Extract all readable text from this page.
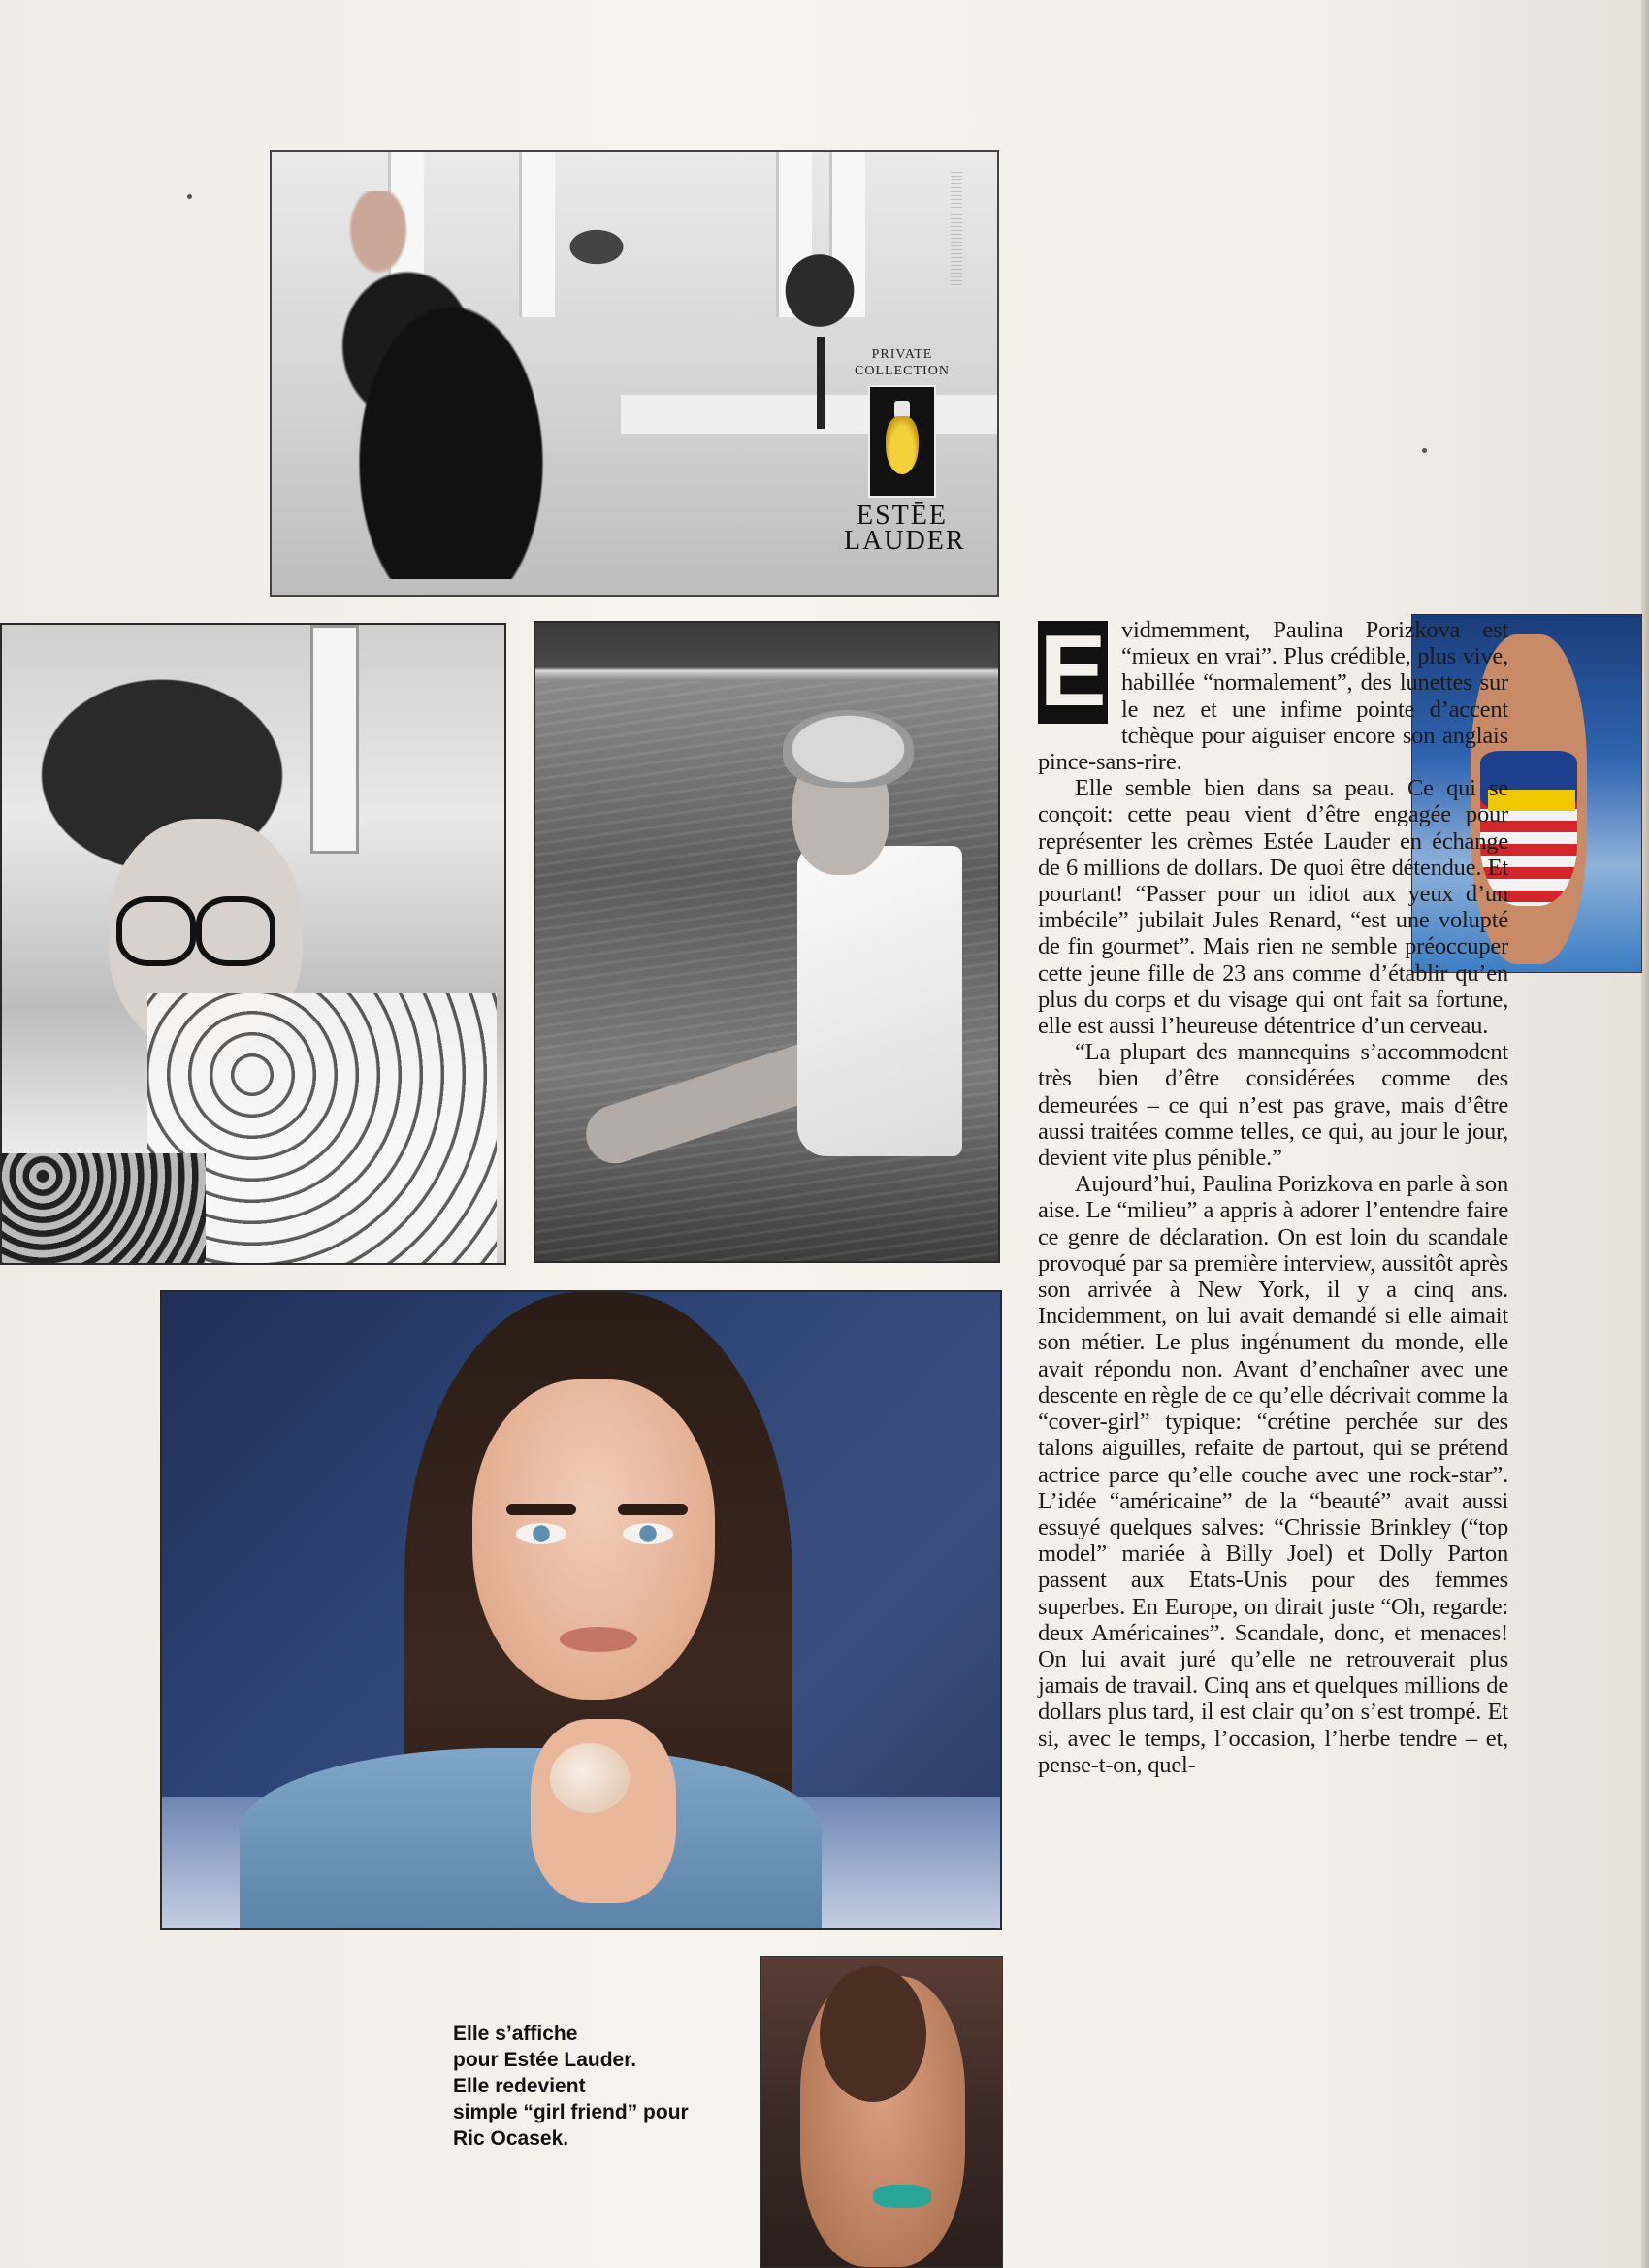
PRIVATE COLLECTION
ESTĒE LAUDER

E vidmemment, Paulina Porizkova est “mieux en vrai”. Plus crédible, plus vive, habillée “normalement”, des lunettes sur le nez et une infime pointe d’accent tchèque pour aiguiser encore son anglais pince-sans-rire.

Elle semble bien dans sa peau. Ce qui se conçoit: cette peau vient d’être engagée pour représenter les crèmes Estée Lauder en échange de 6 millions de dollars. De quoi être détendue. Et pourtant! “Passer pour un idiot aux yeux d’un imbécile” jubilait Jules Renard, “est une volupté de fin gourmet”. Mais rien ne semble préoccuper cette jeune fille de 23 ans comme d’établir qu’en plus du corps et du visage qui ont fait sa fortune, elle est aussi l’heureuse détentrice d’un cerveau.

“La plupart des mannequins s’accommodent très bien d’être considérées comme des demeurées – ce qui n’est pas grave, mais d’être aussi traitées comme telles, ce qui, au jour le jour, devient vite plus pénible.”

Aujourd’hui, Paulina Porizkova en parle à son aise. Le “milieu” a appris à adorer l’entendre faire ce genre de déclaration. On est loin du scandale provoqué par sa première interview, aussitôt après son arrivée à New York, il y a cinq ans. Incidemment, on lui avait demandé si elle aimait son métier. Le plus ingénument du monde, elle avait répondu non. Avant d’enchaîner avec une descente en règle de ce qu’elle décrivait comme la “cover-girl” typique: “crétine perchée sur des talons aiguilles, refaite de partout, qui se prétend actrice parce qu’elle couche avec une rock-star”. L’idée “américaine” de la “beauté” avait aussi essuyé quelques salves: “Chrissie Brinkley (“top model” mariée à Billy Joel) et Dolly Parton passent aux Etats-Unis pour des femmes superbes. En Europe, on dirait juste “Oh, regarde: deux Américaines”. Scandale, donc, et menaces! On lui avait juré qu’elle ne retrouverait plus jamais de travail. Cinq ans et quelques millions de dollars plus tard, il est clair qu’on s’est trompé. Et si, avec le temps, l’occasion, l’herbe tendre – et, pense-t-on, quel-

Elle s’affiche
pour Estée Lauder.
Elle redevient
simple “girl friend” pour
Ric Ocasek.
